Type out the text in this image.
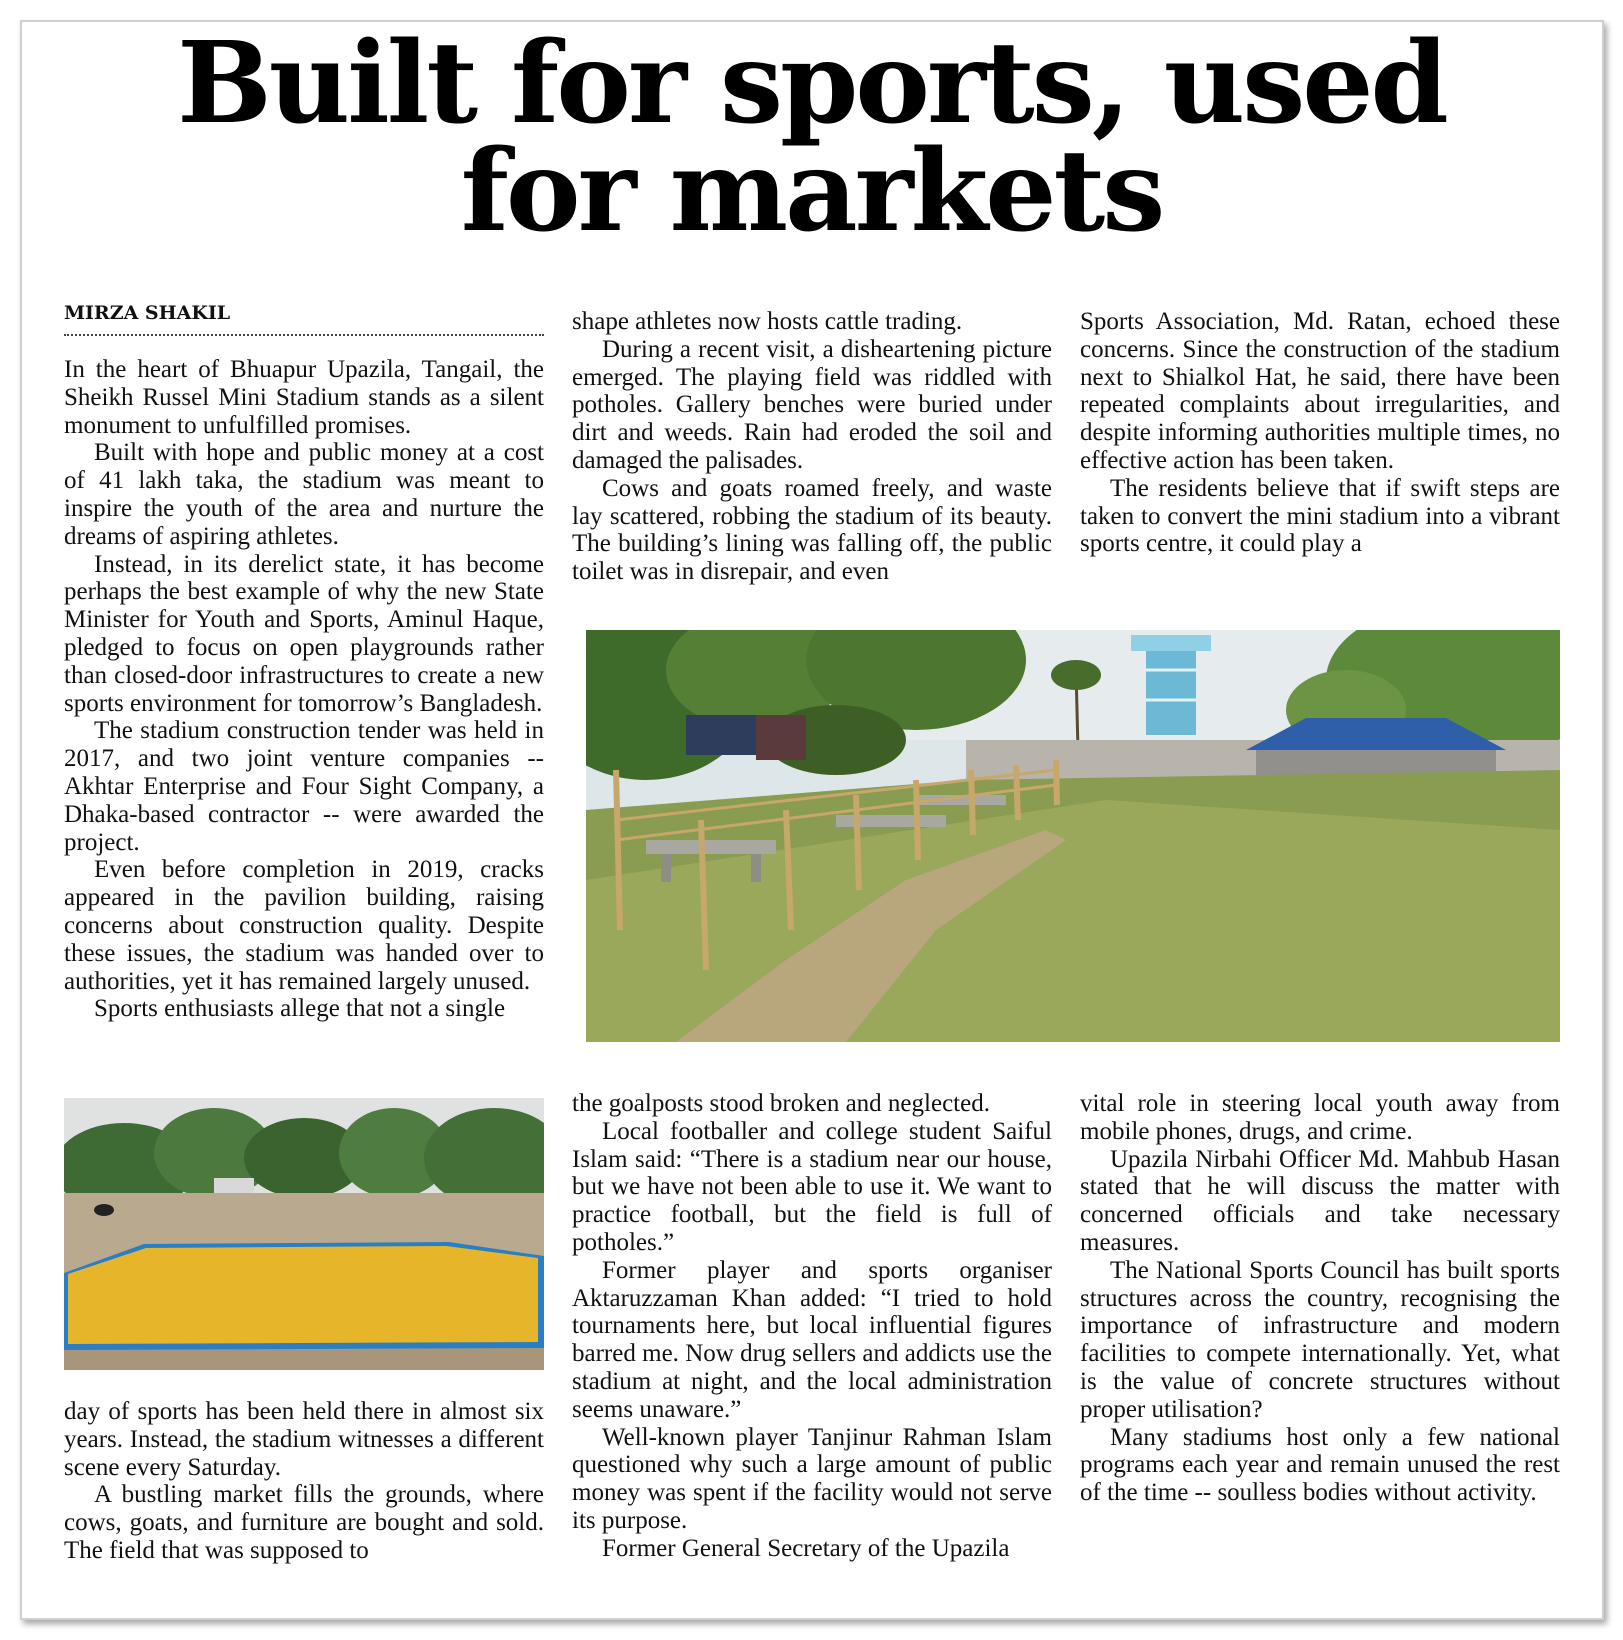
Built for sports, used
for markets
MIRZA SHAKIL

In the heart of Bhuapur Upazila, Tangail, the Sheikh Russel Mini Stadium stands as a silent monument to unfulfilled promises.

Built with hope and public money at a cost of 41 lakh taka, the stadium was meant to inspire the youth of the area and nurture the dreams of aspiring athletes.

Instead, in its derelict state, it has become perhaps the best example of why the new State Minister for Youth and Sports, Aminul Haque, pledged to focus on open playgrounds rather than closed-door infrastructures to create a new sports environment for tomorrow’s Bangladesh.

The stadium construction tender was held in 2017, and two joint venture companies -- Akhtar Enterprise and Four Sight Company, a Dhaka-based contractor -- were awarded the project.

Even before completion in 2019, cracks appeared in the pavilion building, raising concerns about construction quality. Despite these issues, the stadium was handed over to authorities, yet it has remained largely unused.

Sports enthusiasts allege that not a single

shape athletes now hosts cattle trading.

During a recent visit, a disheartening picture emerged. The playing field was riddled with potholes. Gallery benches were buried under dirt and weeds. Rain had eroded the soil and damaged the palisades.

Cows and goats roamed freely, and waste lay scattered, robbing the stadium of its beauty. The building’s lining was falling off, the public toilet was in disrepair, and even

Sports Association, Md. Ratan, echoed these concerns. Since the construction of the stadium next to Shialkol Hat, he said, there have been repeated complaints about irregularities, and despite informing authorities multiple times, no effective action has been taken.

The residents believe that if swift steps are taken to convert the mini stadium into a vibrant sports centre, it could play a

the goalposts stood broken and neglected.

Local footballer and college student Saiful Islam said: “There is a stadium near our house, but we have not been able to use it. We want to practice football, but the field is full of potholes.”

Former player and sports organiser Aktaruzzaman Khan added: “I tried to hold tournaments here, but local influential figures barred me. Now drug sellers and addicts use the stadium at night, and the local administration seems unaware.”

Well-known player Tanjinur Rahman Islam questioned why such a large amount of public money was spent if the facility would not serve its purpose.

Former General Secretary of the Upazila

vital role in steering local youth away from mobile phones, drugs, and crime.

Upazila Nirbahi Officer Md. Mahbub Hasan stated that he will discuss the matter with concerned officials and take necessary measures.

The National Sports Council has built sports structures across the country, recognising the importance of infrastructure and modern facilities to compete internationally. Yet, what is the value of concrete structures without proper utilisation?

Many stadiums host only a few national programs each year and remain unused the rest of the time -- soulless bodies without activity.

day of sports has been held there in almost six years. Instead, the stadium witnesses a different scene every Saturday.

A bustling market fills the grounds, where cows, goats, and furniture are bought and sold. The field that was supposed to
